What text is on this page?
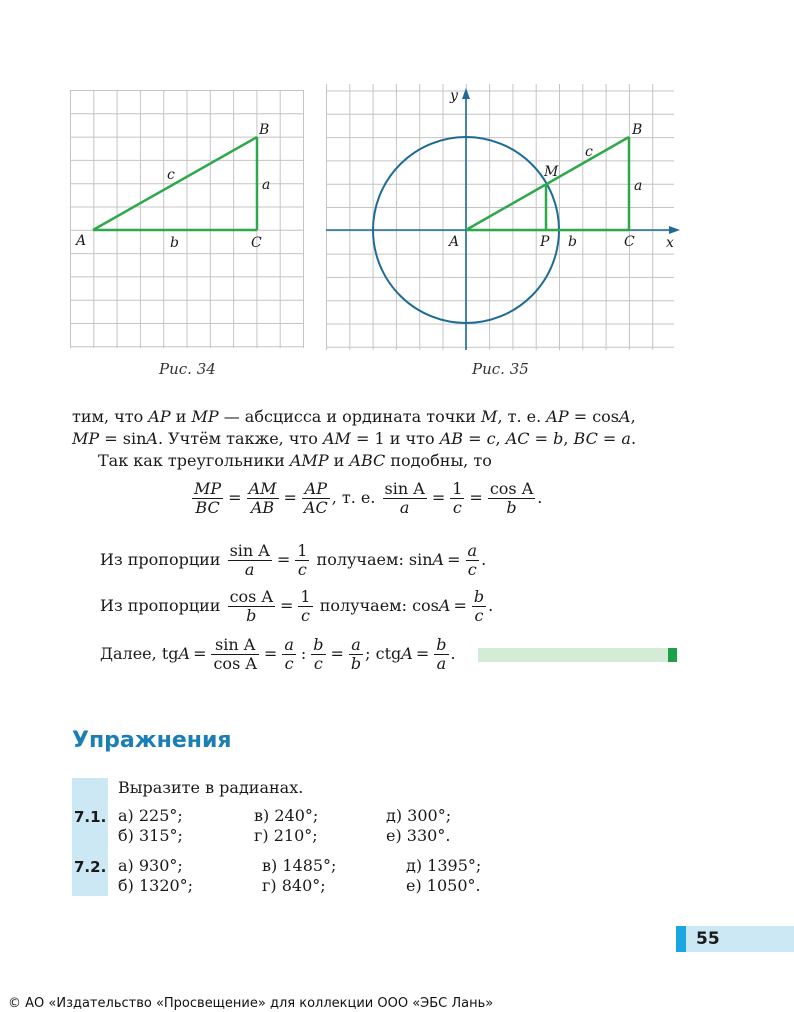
A
B
C
a
b
c
Рис. 34
A
B
C
M
P
a
b
c
x
y
Рис. 35
тим, что AP и MP — абсцисса и ордината точки M, т. е. AP = cosA,
MP = sinA. Учтём также, что AM = 1 и что AB = c, AC = b, BC = a.
Так как треугольники AMP и ABC подобны, то
$\frac{MP}{BC} = \frac{AM}{AB} = \frac{AP}{AC}$ , т. е. $\frac{\text{sin A}}{a} = \frac{1}{c} = \frac{\text{cos A}}{b}$ .
Из пропорции $\frac{\text{sin A}}{a} = \frac{1}{c}$ получаем: $\sin A = \frac{a}{c}$ .
Из пропорции $\frac{\text{cos A}}{b} = \frac{1}{c}$ получаем: $\cos A = \frac{b}{c}$ .
Далее, tgA = $\frac{\text{sin A}}{\text{cos A}} = \frac{a}{c}$ : $\frac{b}{c} = \frac{a}{b}$ ; ctgA = $\frac{b}{a}$ .
Упражнения
Выразите в радианах.
7.1. а) 225°;	в) 240°;	д) 300°;
б) 315°;	г) 210°;	е) 330°.
7.2. а) 930°;	в) 1485°;	д) 1395°;
б) 1320°;	г) 840°;	е) 1050°.
55
© АО «Издательство «Просвещение» для коллекции ООО «ЭБС Лань»
